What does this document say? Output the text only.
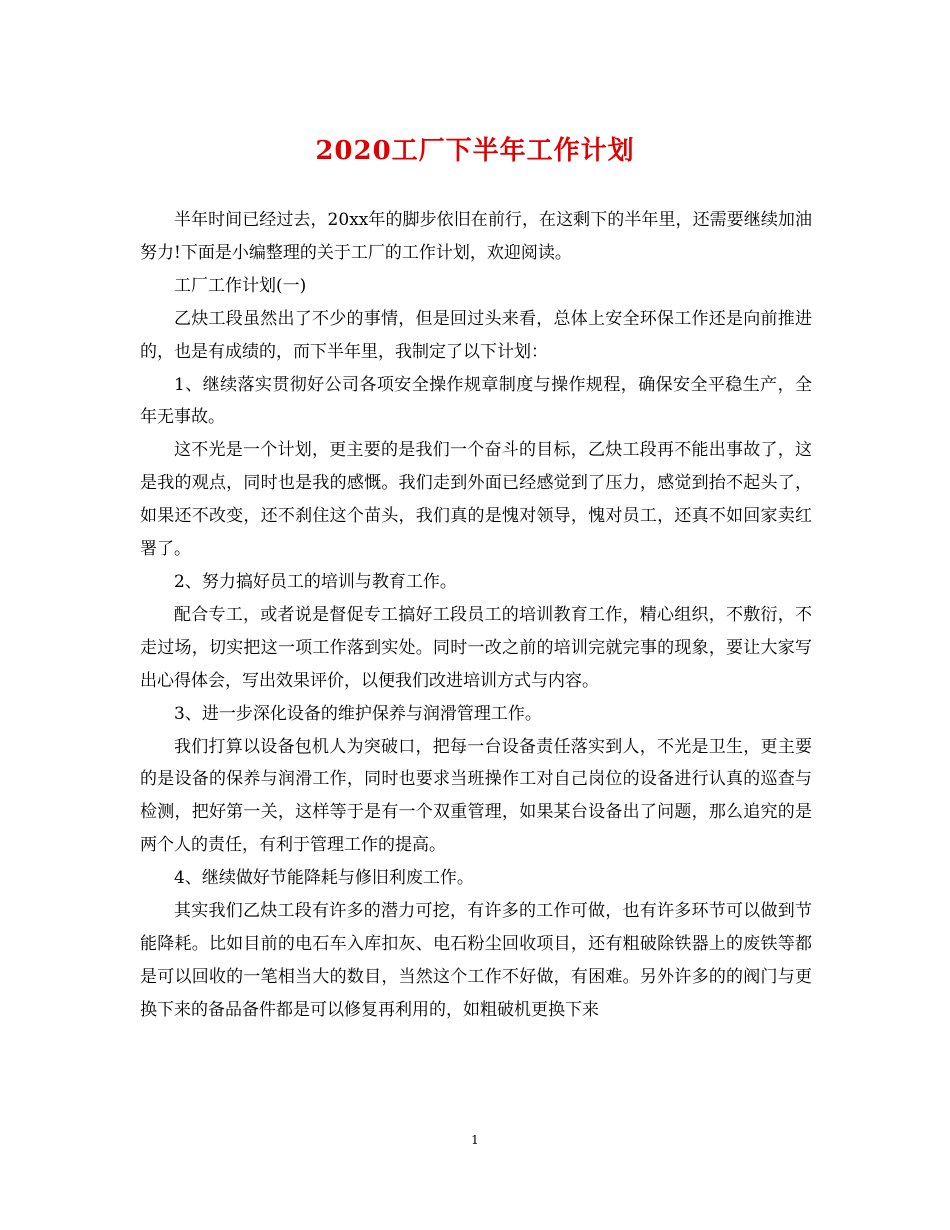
2020工厂下半年工作计划

半年时间已经过去，20xx年的脚步依旧在前行，在这剩下的半年里，还需要继续加油努力!下面是小编整理的关于工厂的工作计划，欢迎阅读。

工厂工作计划(一)

乙炔工段虽然出了不少的事情，但是回过头来看，总体上安全环保工作还是向前推进的，也是有成绩的，而下半年里，我制定了以下计划：

1、继续落实贯彻好公司各项安全操作规章制度与操作规程，确保安全平稳生产，全年无事故。

这不光是一个计划，更主要的是我们一个奋斗的目标，乙炔工段再不能出事故了，这是我的观点，同时也是我的感慨。我们走到外面已经感觉到了压力，感觉到抬不起头了，如果还不改变，还不刹住这个苗头，我们真的是愧对领导，愧对员工，还真不如回家卖红署了。

2、努力搞好员工的培训与教育工作。

配合专工，或者说是督促专工搞好工段员工的培训教育工作，精心组织，不敷衍，不走过场，切实把这一项工作落到实处。同时一改之前的培训完就完事的现象，要让大家写出心得体会，写出效果评价，以便我们改进培训方式与内容。

3、进一步深化设备的维护保养与润滑管理工作。

我们打算以设备包机人为突破口，把每一台设备责任落实到人，不光是卫生，更主要的是设备的保养与润滑工作，同时也要求当班操作工对自己岗位的设备进行认真的巡查与检测，把好第一关，这样等于是有一个双重管理，如果某台设备出了问题，那么追究的是两个人的责任，有利于管理工作的提高。

4、继续做好节能降耗与修旧利废工作。

其实我们乙炔工段有许多的潜力可挖，有许多的工作可做，也有许多环节可以做到节能降耗。比如目前的电石车入库扣灰、电石粉尘回收项目，还有粗破除铁器上的废铁等都是可以回收的一笔相当大的数目，当然这个工作不好做，有困难。另外许多的的阀门与更换下来的备品备件都是可以修复再利用的，如粗破机更换下来

1
